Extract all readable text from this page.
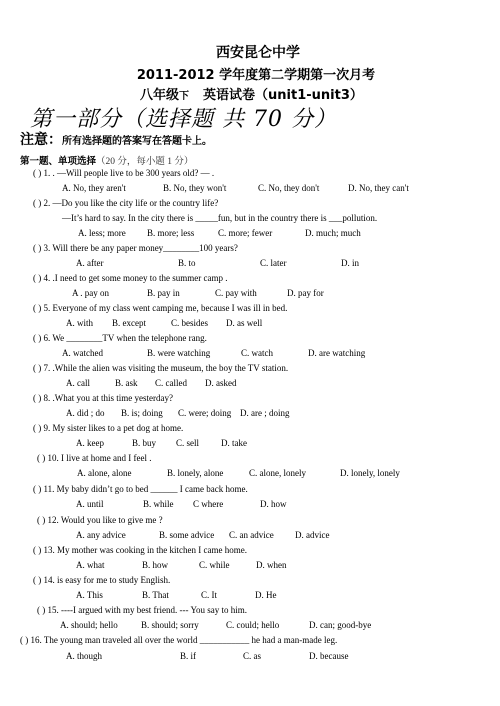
西安昆仑中学
2011-2012 学年度第二学期第一次月考
八年级下 英语试卷（unit1-unit3）
第一部分（选择题 共 70 分）
注意：所有选择题的答案写在答题卡上。
第一题、单项选择（20 分，每小题 1 分）
( ) 1. . —Will people live to be 300 years old? — .
A. No, they aren't	B. No, they won't	C. No, they don't	D. No, they can't
( ) 2. —Do you like the city life or the country life?
—It’s hard to say. In the city there is _____fun, but in the country there is ___pollution.
A. less; more B. more; less	C. more; fewer	D. much; much
( ) 3. Will there be any paper money________100 years?
A. after	B. to	C. later	D. in
( ) 4. .I need to get some money to the summer camp .
A . pay on	B. pay in	C. pay with	D. pay for
( ) 5. Everyone of my class went camping me, because I was ill in bed.
A. with B. except	C. besides D. as well
( ) 6. We ________TV when the telephone rang.
A. watched	B. were watching	C. watch	D. are watching
( ) 7. .While the alien was visiting the museum, the boy the TV station.
A. call	B. ask C. called D. asked
( ) 8. .What you at this time yesterday?
A. did ; do B. is; doing C. were; doing D. are ; doing
( ) 9. My sister likes to a pet dog at home.
A. keep	B. buy C. sell D. take
( ) 10. I live at home and I feel .
A. alone, alone	B. lonely, alone	C. alone, lonely	D. lonely, lonely
( ) 11. My baby didn’t go to bed ______ I came back home.
A. until	B. while C where	D. how
( ) 12. Would you like to give me ?
A. any advice	B. some advice C. an advice D. advice
( ) 13. My mother was cooking in the kitchen I came home.
A. what	B. how	C. while	D. when
( ) 14. is easy for me to study English.
A. This	B. That	C. It	D. He
( ) 15. ----I argued with my best friend. --- You say to him.
A. should; hello	B. should; sorry	C. could; hello	D. can; good-bye
( ) 16. The young man traveled all over the world ___________ he had a man-made leg.
A. though	B. if	C. as	D. because
